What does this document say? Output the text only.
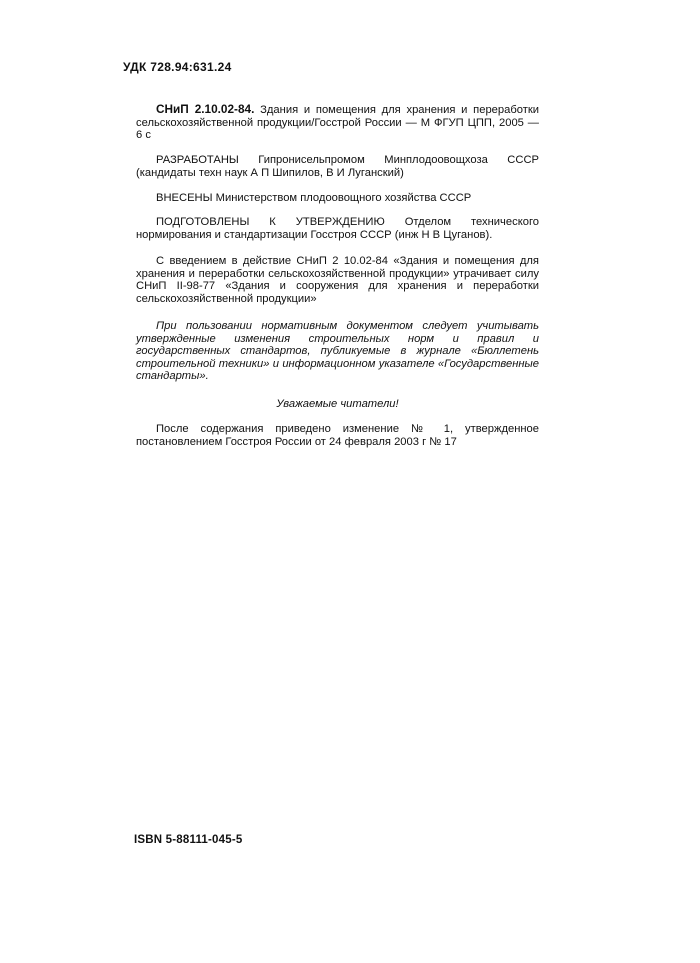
УДК 728.94:631.24

СНиП 2.10.02-84. Здания и помещения для хранения и переработки сельскохозяйственной продукции/Госстрой России — М ФГУП ЦПП, 2005 — 6 с

РАЗРАБОТАНЫ Гипронисельпромом Минплодоовощхоза СССР (кандидаты техн наук А П Шипилов, В И Луганский)

ВНЕСЕНЫ Министерством плодоовощного хозяйства СССР

ПОДГОТОВЛЕНЫ К УТВЕРЖДЕНИЮ Отделом технического нормирования и стандартизации Госстроя СССР (инж Н В Цуганов).

С введением в действие СНиП 2 10.02-84 «Здания и помещения для хранения и переработки сельскохозяйственной продукции» утрачивает силу СНиП II-98-77 «Здания и сооружения для хранения и переработки сельскохозяйственной продукции»

При пользовании нормативным документом следует учитывать утвержденные изменения строительных норм и правил и государственных стандартов, публикуемые в журнале «Бюллетень строительной техники» и информационном указателе «Государственные стандарты».

Уважаемые читатели!

После содержания приведено изменение № 1, утвержденное постановлением Госстроя России от 24 февраля 2003 г № 17

ISBN 5-88111-045-5
